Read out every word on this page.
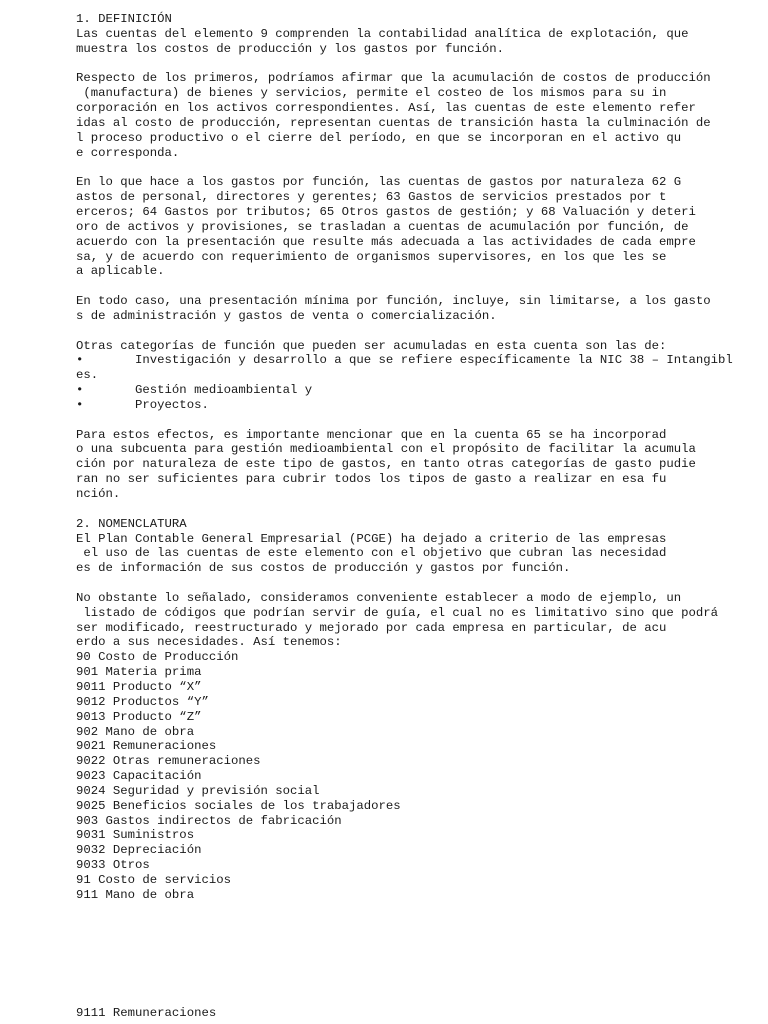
1. DEFINICIÓN
Las cuentas del elemento 9 comprenden la contabilidad analítica de explotación, que
muestra los costos de producción y los gastos por función.
Respecto de los primeros, podríamos afirmar que la acumulación de costos de producción
(manufactura) de bienes y servicios, permite el costeo de los mismos para su in
corporación en los activos correspondientes. Así, las cuentas de este elemento refer
idas al costo de producción, representan cuentas de transición hasta la culminación de
l proceso productivo o el cierre del período, en que se incorporan en el activo qu
e corresponda.
En lo que hace a los gastos por función, las cuentas de gastos por naturaleza 62 G
astos de personal, directores y gerentes; 63 Gastos de servicios prestados por t
erceros; 64 Gastos por tributos; 65 Otros gastos de gestión; y 68 Valuación y deteri
oro de activos y provisiones, se trasladan a cuentas de acumulación por función, de
acuerdo con la presentación que resulte más adecuada a las actividades de cada empre
sa, y de acuerdo con requerimiento de organismos supervisores, en los que les se
a aplicable.
En todo caso, una presentación mínima por función, incluye, sin limitarse, a los gasto
s de administración y gastos de venta o comercialización.
Otras categorías de función que pueden ser acumuladas en esta cuenta son las de:
•       Investigación y desarrollo a que se refiere específicamente la NIC 38 – Intangibl
es.
•       Gestión medioambiental y
•       Proyectos.
Para estos efectos, es importante mencionar que en la cuenta 65 se ha incorporad
o una subcuenta para gestión medioambiental con el propósito de facilitar la acumula
ción por naturaleza de este tipo de gastos, en tanto otras categorías de gasto pudie
ran no ser suficientes para cubrir todos los tipos de gasto a realizar en esa fu
nción.
2. NOMENCLATURA
El Plan Contable General Empresarial (PCGE) ha dejado a criterio de las empresas
el uso de las cuentas de este elemento con el objetivo que cubran las necesidad
es de información de sus costos de producción y gastos por función.
No obstante lo señalado, consideramos conveniente establecer a modo de ejemplo, un
listado de códigos que podrían servir de guía, el cual no es limitativo sino que podrá
ser modificado, reestructurado y mejorado por cada empresa en particular, de acu
erdo a sus necesidades. Así tenemos:
90 Costo de Producción
901 Materia prima
9011 Producto “X”
9012 Productos “Y”
9013 Producto “Z”
902 Mano de obra
9021 Remuneraciones
9022 Otras remuneraciones
9023 Capacitación
9024 Seguridad y previsión social
9025 Beneficios sociales de los trabajadores
903 Gastos indirectos de fabricación
9031 Suministros
9032 Depreciación
9033 Otros
91 Costo de servicios
911 Mano de obra
9111 Remuneraciones
